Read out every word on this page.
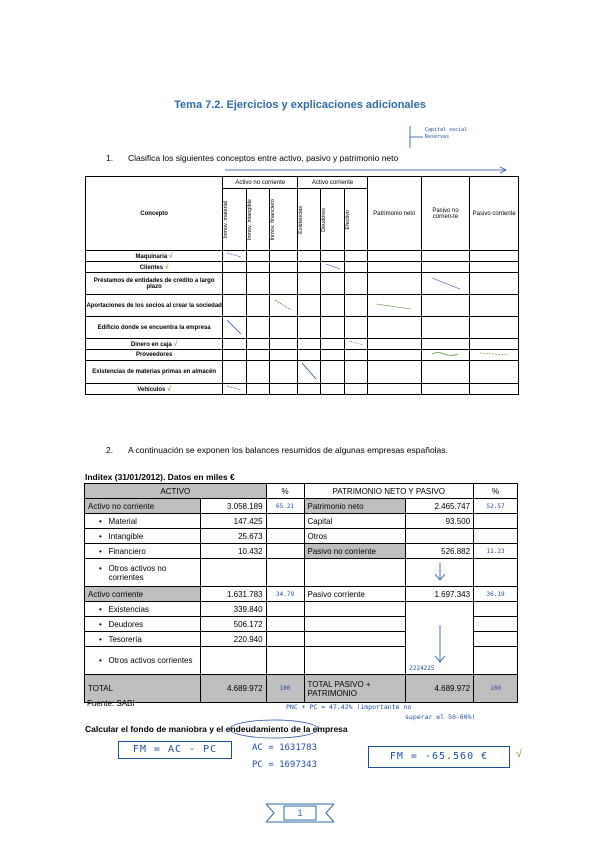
Tema 7.2. Ejercicios y explicaciones adicionales
Capital social
Reservas
1. Clasifica los siguientes conceptos entre activo, pasivo y patrimonio neto
Concepto	Activo no corriente			Activo corriente			Patrimonio neto	Pasivo no corrien-te	Pasivo corriente

	Inmov. material	Inmov. intangible	Inmov. financiero	Existencias	Deudores	Efectivo			

Maquinaria √									
Clientes √									
Préstamos de entidades de crédito a largo plazo									
Aportaciones de los socios al crear la sociedad									
Edificio donde se encuentra la empresa									
Dinero en caja √									
Proveedores									
Existencias de materias primas en almacén									
Vehículos √									
2. A continuación se exponen los balances resumidos de algunas empresas españolas.
Inditex (31/01/2012). Datos en miles €
ACTIVO		%	PATRIMONIO NETO Y PASIVO		%
Activo no corriente	3.058.189	65.21	Patrimonio neto	2.465.747	52.57
•   Material	147.425		Capital	93.500	
•   Intangible	25.673		Otros		
•   Financiero	10.432		Pasivo no corriente	526.882	11.23

• Otros activos no corrientes

Activo corriente	1.631.783	34.79	Pasivo corriente	1.697.343	36.19
•   Existencias	339.840			2224225	

•   Deudores	506.172				
•   Tesorería	220.940				

• Otros activos corrientes					

TOTAL	4.689.972	100	TOTAL PASIVO + PATRIMONIO	4.689.972	100
Fuente: SABI	PNC + PC = 47.42% (importante no
superar el 50-60%)
Calcular el fondo de maniobra y el endeudamiento de la empresa
FM = AC - PC	AC = 1631783
PC = 1697343
FM = -65.560 €	√
1
